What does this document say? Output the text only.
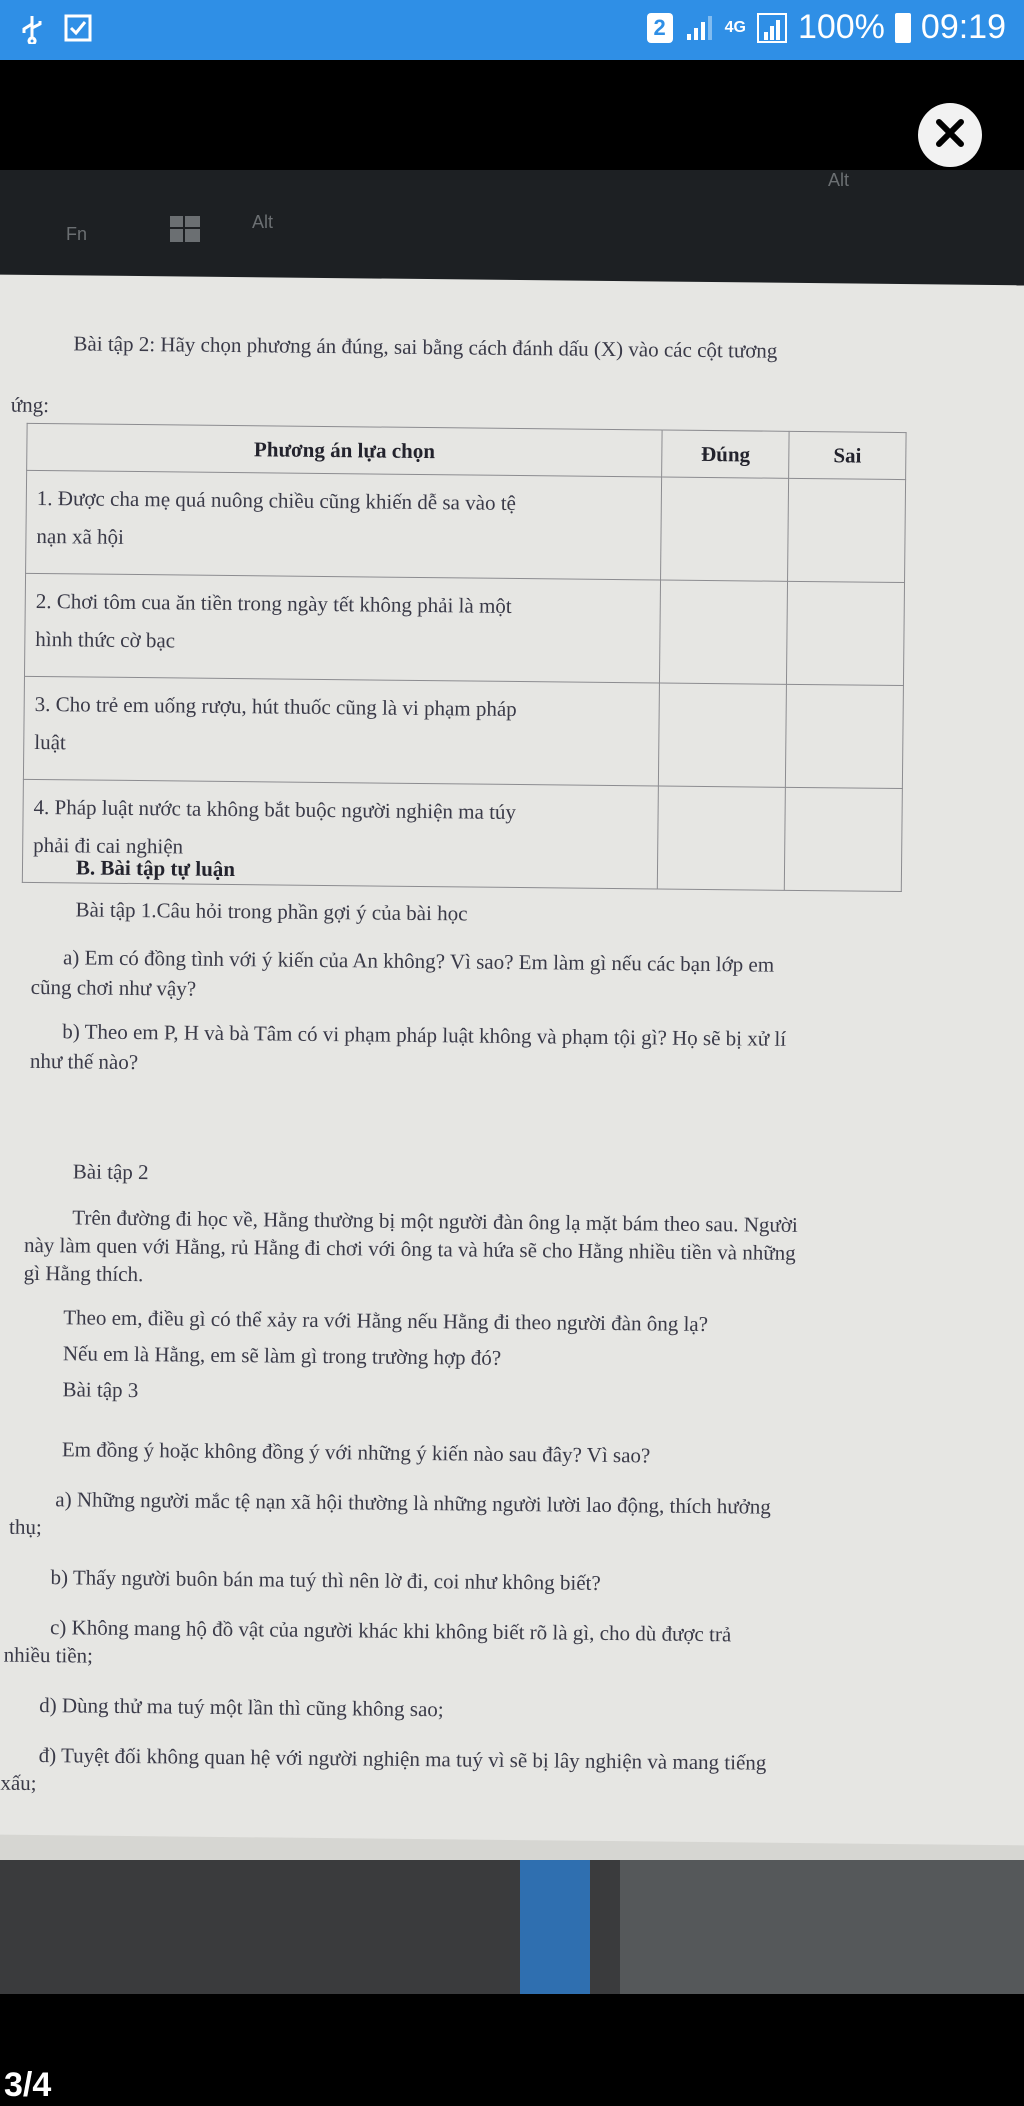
2	4G 100% 09:19
Fn
Alt
Alt
Bài tập 2: Hãy chọn phương án đúng, sai bằng cách đánh dấu (X) vào các cột tương
ứng:
Phương án lựa chọn	Đúng	Sai

1. Được cha mẹ quá nuông chiều cũng khiến dễ sa vào tệ
nạn xã hội		

2. Chơi tôm cua ăn tiền trong ngày tết không phải là một
hình thức cờ bạc		

3. Cho trẻ em uống rượu, hút thuốc cũng là vi phạm pháp
luật		

4. Pháp luật nước ta không bắt buộc người nghiện ma túy
phải đi cai nghiện		

B. Bài tập tự luận
Bài tập 1.Câu hỏi trong phần gợi ý của bài học
a) Em có đồng tình với ý kiến của An không? Vì sao? Em làm gì nếu các bạn lớp em
cũng chơi như vậy?
b) Theo em P, H và bà Tâm có vi phạm pháp luật không và phạm tội gì? Họ sẽ bị xử lí
như thế nào?
Bài tập 2
Trên đường đi học về, Hằng thường bị một người đàn ông lạ mặt bám theo sau. Người
này làm quen với Hằng, rủ Hằng đi chơi với ông ta và hứa sẽ cho Hằng nhiều tiền và những
gì Hằng thích.
Theo em, điều gì có thể xảy ra với Hằng nếu Hằng đi theo người đàn ông lạ?
Nếu em là Hằng, em sẽ làm gì trong trường hợp đó?
Bài tập 3
Em đồng ý hoặc không đồng ý với những ý kiến nào sau đây? Vì sao?
a) Những người mắc tệ nạn xã hội thường là những người lười lao động, thích hưởng
thụ;
b) Thấy người buôn bán ma tuý thì nên lờ đi, coi như không biết?
c) Không mang hộ đồ vật của người khác khi không biết rõ là gì, cho dù được trả
nhiều tiền;
d) Dùng thử ma tuý một lần thì cũng không sao;
đ) Tuyệt đối không quan hệ với người nghiện ma tuý vì sẽ bị lây nghiện và mang tiếng
xấu;
3/4
